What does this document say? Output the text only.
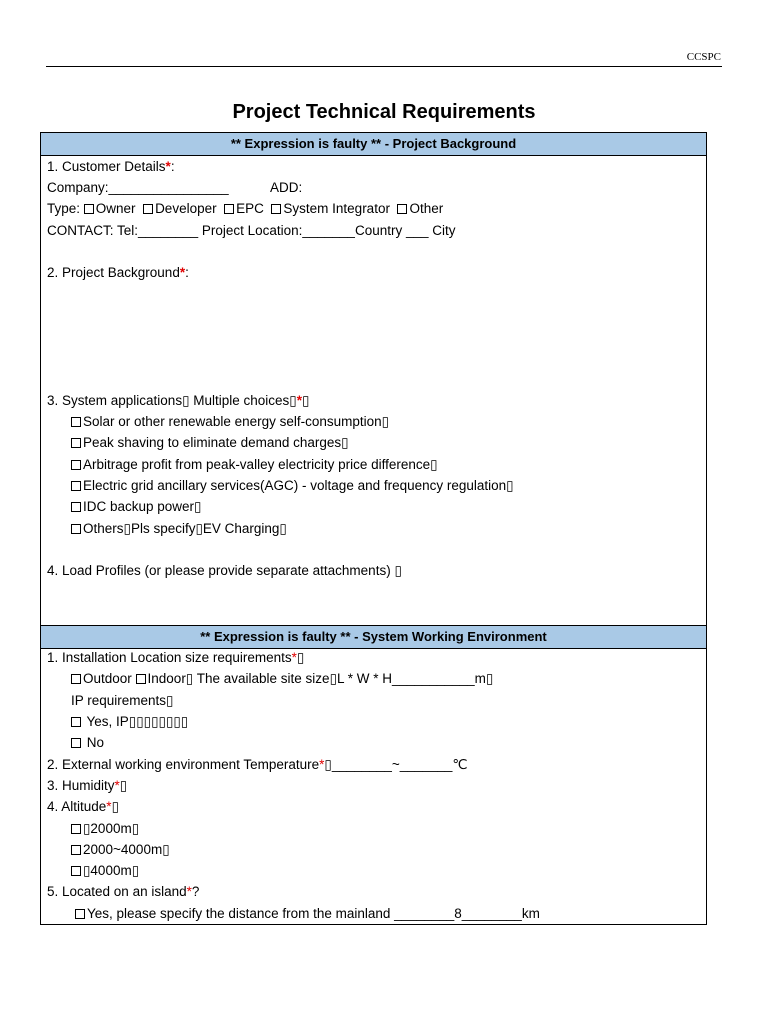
CCSPC
Project Technical Requirements
** Expression is faulty ** - Project Background
1. Customer Details*:
Company:________________	ADD:
Type: Owner Developer EPC System Integrator Other
CONTACT: Tel:________ Project Location:_______Country ___ City
2. Project Background*:
3. System applications▯ Multiple choices▯*▯
Solar or other renewable energy self-consumption▯
Peak shaving to eliminate demand charges▯
Arbitrage profit from peak-valley electricity price difference▯
Electric grid ancillary services(AGC) - voltage and frequency regulation▯
IDC backup power▯
Others▯Pls specify▯EV Charging▯
4. Load Profiles (or please provide separate attachments) ▯
** Expression is faulty ** - System Working Environment
1. Installation Location size requirements*▯
Outdoor Indoor▯ The available site size▯L * W * H___________m▯
IP requirements▯
Yes, IP▯▯▯▯▯▯▯▯
No
2. External working environment Temperature*▯________~_______℃
3. Humidity*▯
4. Altitude*▯
▯2000m▯
2000~4000m▯
▯4000m▯
5. Located on an island*?
Yes, please specify the distance from the mainland ________8________km
